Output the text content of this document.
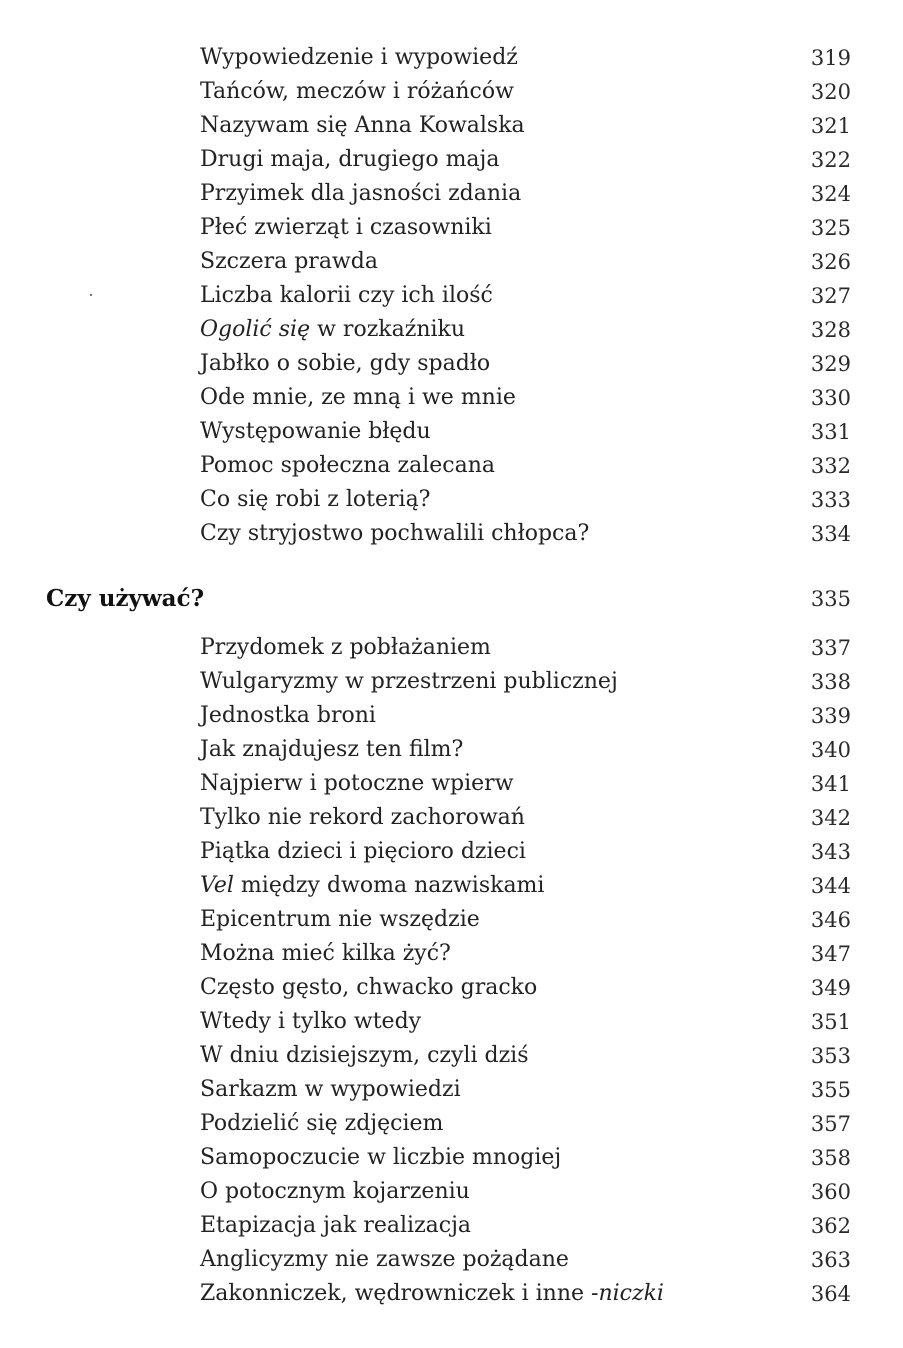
Wypowiedzenie i wypowiedź	319
Tańców, meczów i różańców	320
Nazywam się Anna Kowalska	321
Drugi maja, drugiego maja	322
Przyimek dla jasności zdania	324
Płeć zwierząt i czasowniki	325
Szczera prawda	326
Liczba kalorii czy ich ilość	327
Ogolić się w rozkaźniku	328
Jabłko o sobie, gdy spadło	329
Ode mnie, ze mną i we mnie	330
Występowanie błędu	331
Pomoc społeczna zalecana	332
Co się robi z loterią?	333
Czy stryjostwo pochwalili chłopca?	334
Czy używać?	335
Przydomek z pobłażaniem	337
Wulgaryzmy w przestrzeni publicznej	338
Jednostka broni	339
Jak znajdujesz ten film?	340
Najpierw i potoczne wpierw	341
Tylko nie rekord zachorowań	342
Piątka dzieci i pięcioro dzieci	343
Vel między dwoma nazwiskami	344
Epicentrum nie wszędzie	346
Można mieć kilka żyć?	347
Często gęsto, chwacko gracko	349
Wtedy i tylko wtedy	351
W dniu dzisiejszym, czyli dziś	353
Sarkazm w wypowiedzi	355
Podzielić się zdjęciem	357
Samopoczucie w liczbie mnogiej	358
O potocznym kojarzeniu	360
Etapizacja jak realizacja	362
Anglicyzmy nie zawsze pożądane	363
Zakonniczek, wędrowniczek i inne -niczki	364
